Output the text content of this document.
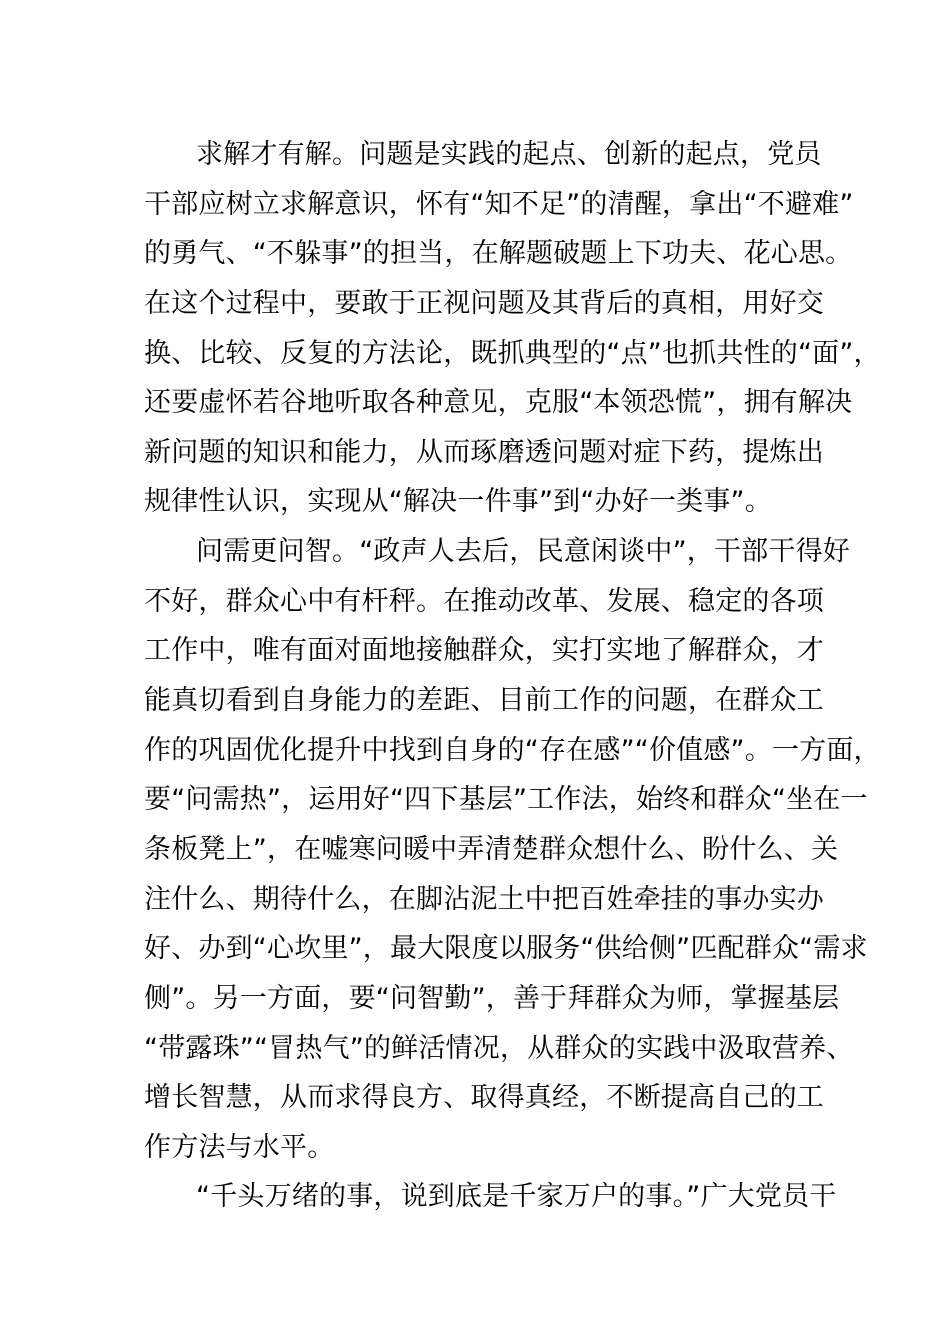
求解才有解。问题是实践的起点、创新的起点，党员
干部应树立求解意识，怀有“知不足”的清醒，拿出“不避难”
的勇气、“不躲事”的担当，在解题破题上下功夫、花心思。
在这个过程中，要敢于正视问题及其背后的真相，用好交
换、比较、反复的方法论，既抓典型的“点”也抓共性的“面”，
还要虚怀若谷地听取各种意见，克服“本领恐慌”，拥有解决
新问题的知识和能力，从而琢磨透问题对症下药，提炼出
规律性认识，实现从“解决一件事”到“办好一类事”。
问需更问智。“政声人去后，民意闲谈中”，干部干得好
不好，群众心中有杆秤。在推动改革、发展、稳定的各项
工作中，唯有面对面地接触群众，实打实地了解群众，才
能真切看到自身能力的差距、目前工作的问题，在群众工
作的巩固优化提升中找到自身的“存在感”“价值感”。一方面，
要“问需热”，运用好“四下基层”工作法，始终和群众“坐在一
条板凳上”，在嘘寒问暖中弄清楚群众想什么、盼什么、关
注什么、期待什么，在脚沾泥土中把百姓牵挂的事办实办
好、办到“心坎里”，最大限度以服务“供给侧”匹配群众“需求
侧”。另一方面，要“问智勤”，善于拜群众为师，掌握基层
“带露珠”“冒热气”的鲜活情况，从群众的实践中汲取营养、
增长智慧，从而求得良方、取得真经，不断提高自己的工
作方法与水平。
“千头万绪的事，说到底是千家万户的事。”广大党员干
